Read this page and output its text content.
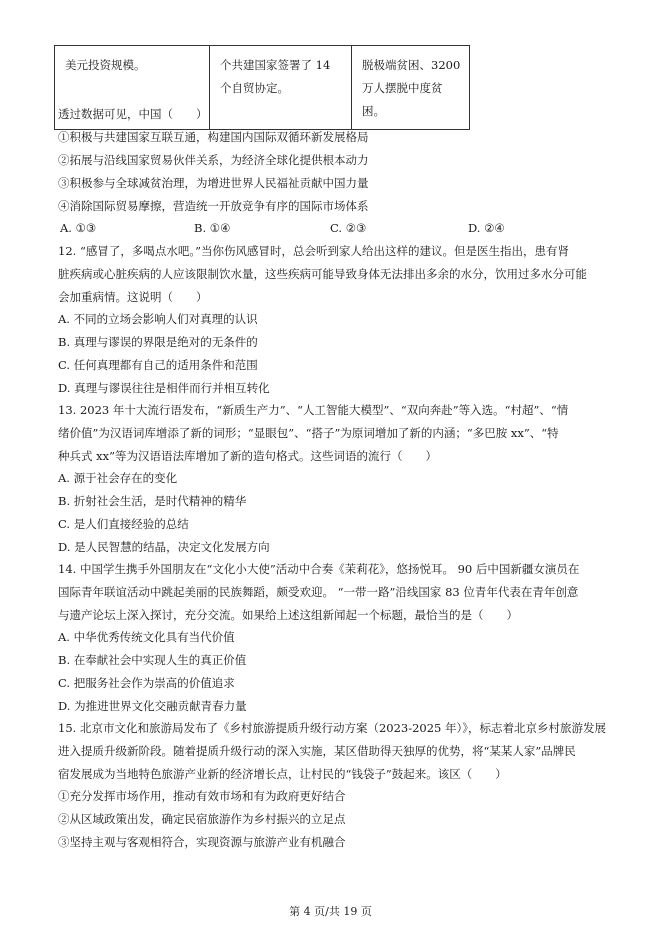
美元投资规模。	个共建国家签署了 14 个自贸协定。	脱极端贫困、3200 万人摆脱中度贫困。
透过数据可见，中国（　　）
①积极与共建国家互联互通，构建国内国际双循环新发展格局
②拓展与沿线国家贸易伙伴关系，为经济全球化提供根本动力
③积极参与全球减贫治理，为增进世界人民福祉贡献中国力量
④消除国际贸易摩擦，营造统一开放竞争有序的国际市场体系
A. ①③	B. ①④	C. ②③	D. ②④
12. “感冒了，多喝点水吧。”当你伤风感冒时，总会听到家人给出这样的建议。但是医生指出，患有肾
脏疾病或心脏疾病的人应该限制饮水量，这些疾病可能导致身体无法排出多余的水分，饮用过多水分可能
会加重病情。这说明（　　）
A. 不同的立场会影响人们对真理的认识
B. 真理与谬误的界限是绝对的无条件的
C. 任何真理都有自己的适用条件和范围
D. 真理与谬误往往是相伴而行并相互转化
13. 2023 年十大流行语发布，“新质生产力”、“人工智能大模型”、“双向奔赴”等入选。“村超”、“情
绪价值”为汉语词库增添了新的词形；“显眼包”、“搭子”为原词增加了新的内涵；“多巴胺 xx”、“特
种兵式 xx”等为汉语语法库增加了新的造句格式。这些词语的流行（　　）
A. 源于社会存在的变化
B. 折射社会生活，是时代精神的精华
C. 是人们直接经验的总结
D. 是人民智慧的结晶，决定文化发展方向
14. 中国学生携手外国朋友在“文化小大使”活动中合奏《茉莉花》，悠扬悦耳。 90 后中国新疆女演员在
国际青年联谊活动中跳起美丽的民族舞蹈，颇受欢迎。 “一带一路”沿线国家 83 位青年代表在青年创意
与遗产论坛上深入探讨，充分交流。如果给上述这组新闻起一个标题，最恰当的是（　　）
A. 中华优秀传统文化具有当代价值
B. 在奉献社会中实现人生的真正价值
C. 把服务社会作为崇高的价值追求
D. 为推进世界文化交融贡献青春力量
15. 北京市文化和旅游局发布了《乡村旅游提质升级行动方案（2023-2025 年）》，标志着北京乡村旅游发展
进入提质升级新阶段。随着提质升级行动的深入实施，某区借助得天独厚的优势，将“某某人家”品牌民
宿发展成为当地特色旅游产业新的经济增长点，让村民的“钱袋子”鼓起来。该区（　　）
①充分发挥市场作用，推动有效市场和有为政府更好结合
②从区域政策出发，确定民宿旅游作为乡村振兴的立足点
③坚持主观与客观相符合，实现资源与旅游产业有机融合
第 4 页/共 19 页
